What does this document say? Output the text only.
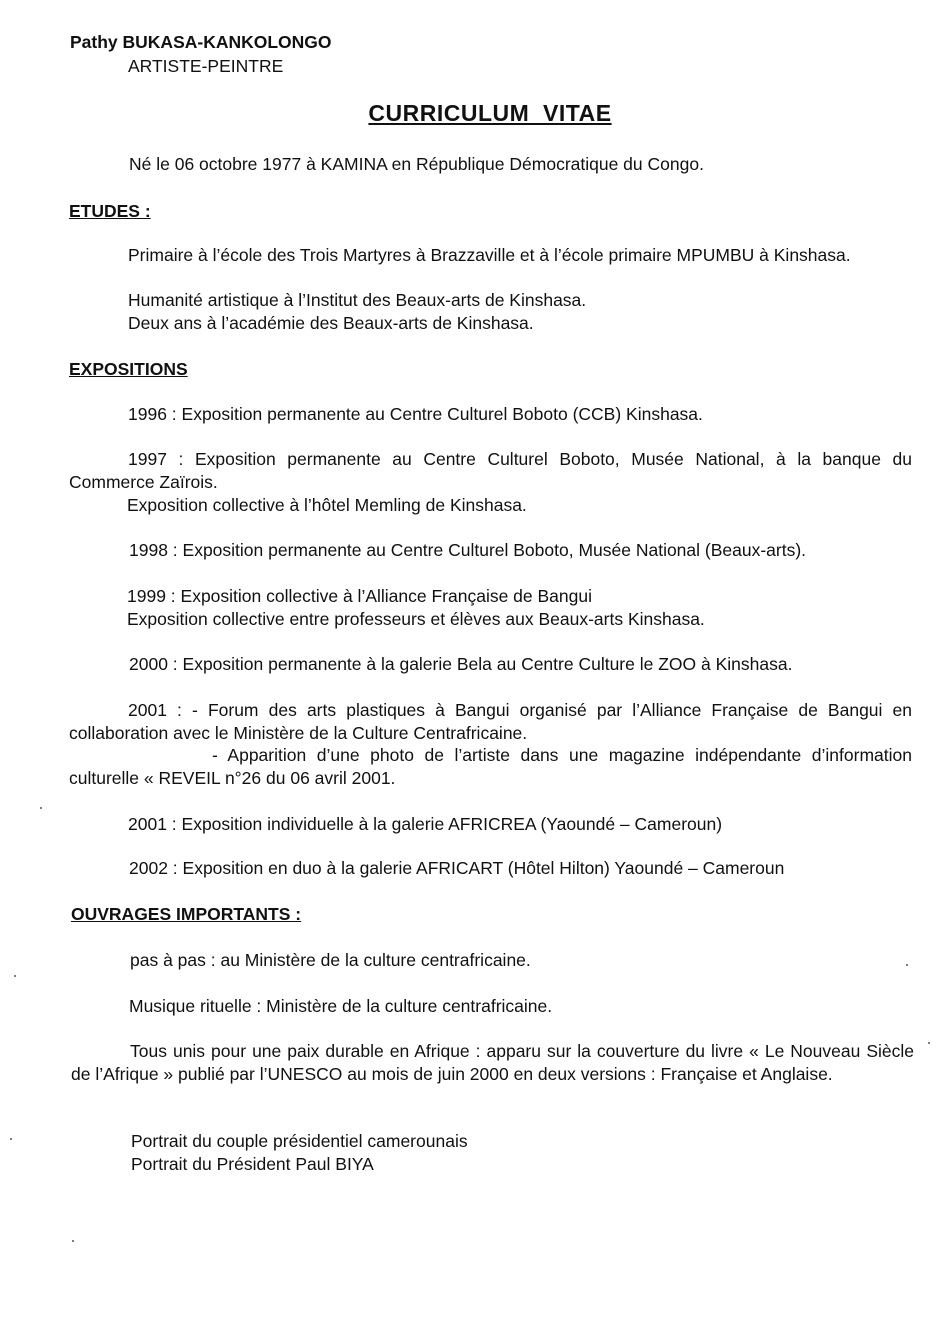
Pathy BUKASA-KANKOLONGO
ARTISTE-PEINTRE
CURRICULUM  VITAE
Né le 06 octobre 1977 à KAMINA en République Démocratique du Congo.
ETUDES :
Primaire à l’école des Trois Martyres à Brazzaville et à l’école primaire MPUMBU à Kinshasa.
Humanité artistique à l’Institut des Beaux-arts de Kinshasa.
Deux ans à l’académie des Beaux-arts de Kinshasa.
EXPOSITIONS
1996 : Exposition permanente au Centre Culturel Boboto (CCB) Kinshasa.
1997 : Exposition permanente au Centre Culturel Boboto, Musée National, à la banque du Commerce Zaïrois.
Exposition collective à l’hôtel Memling de Kinshasa.
1998 : Exposition permanente au Centre Culturel Boboto, Musée National (Beaux-arts).
1999 : Exposition collective à l’Alliance Française de Bangui
Exposition collective entre professeurs et élèves aux Beaux-arts Kinshasa.
2000 : Exposition permanente à la galerie Bela au Centre Culture le ZOO à Kinshasa.
2001 : - Forum des arts plastiques à Bangui organisé par l’Alliance Française de Bangui en collaboration avec le Ministère de la Culture Centrafricaine.
- Apparition d’une photo de l’artiste dans une magazine indépendante d’information culturelle « REVEIL n°26 du 06 avril 2001.
2001 : Exposition individuelle à la galerie AFRICREA (Yaoundé – Cameroun)
2002 : Exposition en duo à la galerie AFRICART (Hôtel Hilton) Yaoundé – Cameroun
OUVRAGES IMPORTANTS :
pas à pas : au Ministère de la culture centrafricaine.
Musique rituelle : Ministère de la culture centrafricaine.
Tous unis pour une paix durable en Afrique : apparu sur la couverture du livre « Le Nouveau Siècle de l’Afrique » publié par l’UNESCO au mois de juin 2000 en deux versions : Française et Anglaise.
Portrait du couple présidentiel camerounais
Portrait du Président Paul BIYA
